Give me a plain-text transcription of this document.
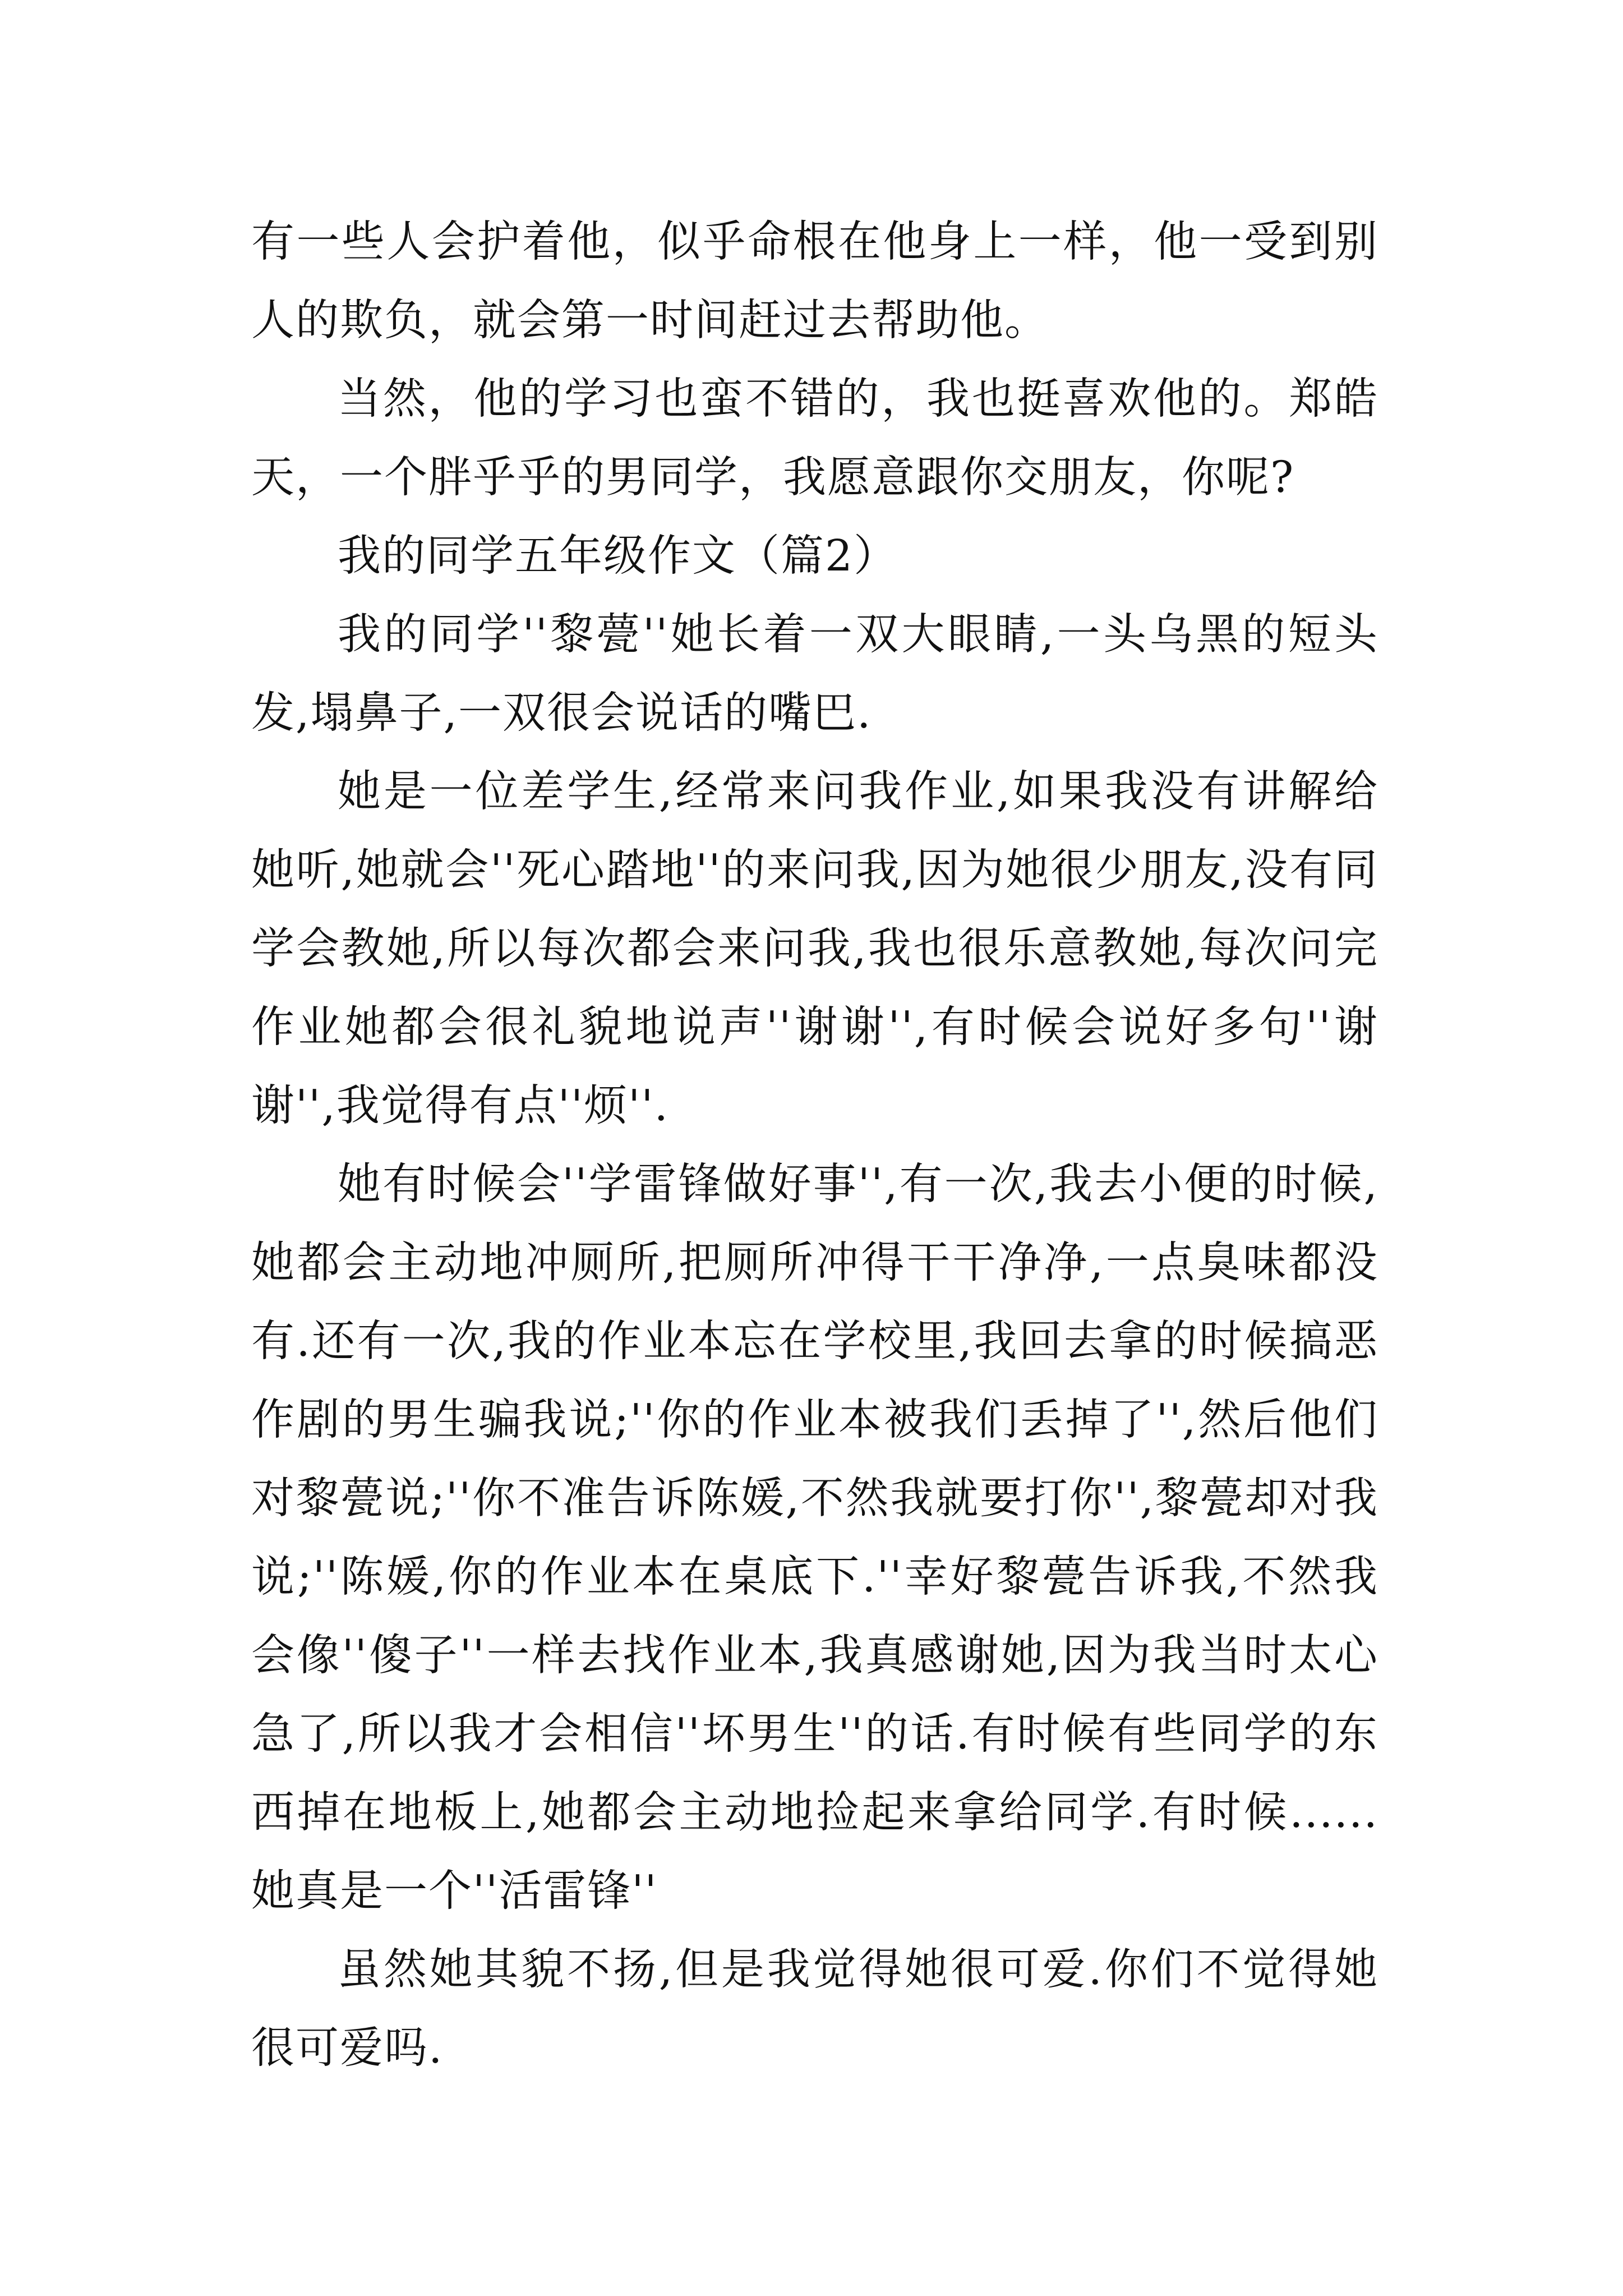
有一些人会护着他，似乎命根在他身上一样，他一受到别人的欺负，就会第一时间赶过去帮助他。

当然，他的学习也蛮不错的，我也挺喜欢他的。郑皓天，一个胖乎乎的男同学，我愿意跟你交朋友，你呢?

我的同学五年级作文（篇2）

我的同学''黎甍''她长着一双大眼睛,一头乌黑的短头发,塌鼻子,一双很会说话的嘴巴.

她是一位差学生,经常来问我作业,如果我没有讲解给她听,她就会''死心踏地''的来问我,因为她很少朋友,没有同学会教她,所以每次都会来问我,我也很乐意教她,每次问完作业她都会很礼貌地说声''谢谢'',有时候会说好多句''谢谢'',我觉得有点''烦''.

她有时候会''学雷锋做好事'',有一次,我去小便的时候,她都会主动地冲厕所,把厕所冲得干干净净,一点臭味都没有.还有一次,我的作业本忘在学校里,我回去拿的时候搞恶作剧的男生骗我说;''你的作业本被我们丢掉了'',然后他们对黎甍说;''你不准告诉陈媛,不然我就要打你'',黎甍却对我说;''陈媛,你的作业本在桌底下.''幸好黎甍告诉我,不然我会像''傻子''一样去找作业本,我真感谢她,因为我当时太心急了,所以我才会相信''坏男生''的话.有时候有些同学的东西掉在地板上,她都会主动地捡起来拿给同学.有时候......她真是一个''活雷锋''

虽然她其貌不扬,但是我觉得她很可爱.你们不觉得她很可爱吗.
